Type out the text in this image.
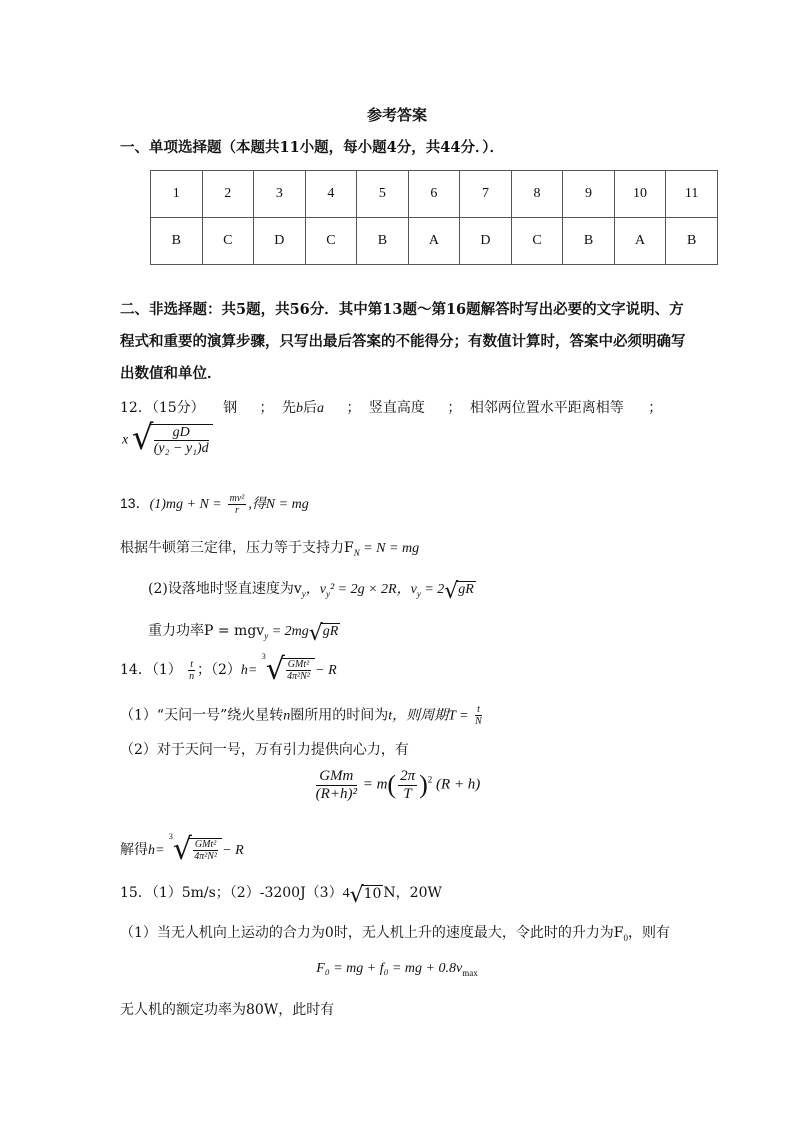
参考答案
一、单项选择题（本题共11小题，每小题4分，共44分．）．
1	2	3	4	5	6	7	8	9	10	11
B	C	D	C	B	A	D	C	B	A	B
二、非选择题：共5题，共56分．其中第13题～第16题解答时写出必要的文字说明、方程式和重要的演算步骤，只写出最后答案的不能得分；有数值计算时，答案中必须明确写出数值和单位．
12．（15分） 钢 ； 先b后a ； 竖直高度 ； 相邻两位置水平距离相等 ；
x √ $\frac{gD}{\text{(y₂ − y₁)d}}$
13．$(1)mg + N = \frac{\text{mv²}}{r}$ ,得N = mg
根据牛顿第三定律，压力等于支持力$F_N = N$ = mg
(2)设落地时竖直速度为$v_y$，$v_y^2 = 2g \times 2R$，$v_y = 2$ √ gR
重力功率P = mgv$_y$ = 2mg √ gR
14．$(1) \frac{t}{n}$ ；（2）h=
3 √ $\frac{\text{GMt²}}{\text{4π²N²}} - R$
（1）“天问一号”绕火星转n圈所用的时间为t，则周期$T = \frac{t}{N}$
（2）对于天问一号，万有引力提供向心力，有
$\frac{\text{GMm}}{\text{(R+h)²}} = m( \frac{2\pi}{T} )^2$ (R + h)
解得h=
3 √ $\frac{\text{GMt²}}{\text{4π²N²}} - R$
15．（1）5m/s；（2）-3200J（3）4 √ 10 N，20W
（1）当无人机向上运动的合力为0时，无人机上升的速度最大，令此时的升力为$F_0$，则有
F₀ = mg + f₀ = mg + $0.8v_{max}$
无人机的额定功率为80W，此时有
